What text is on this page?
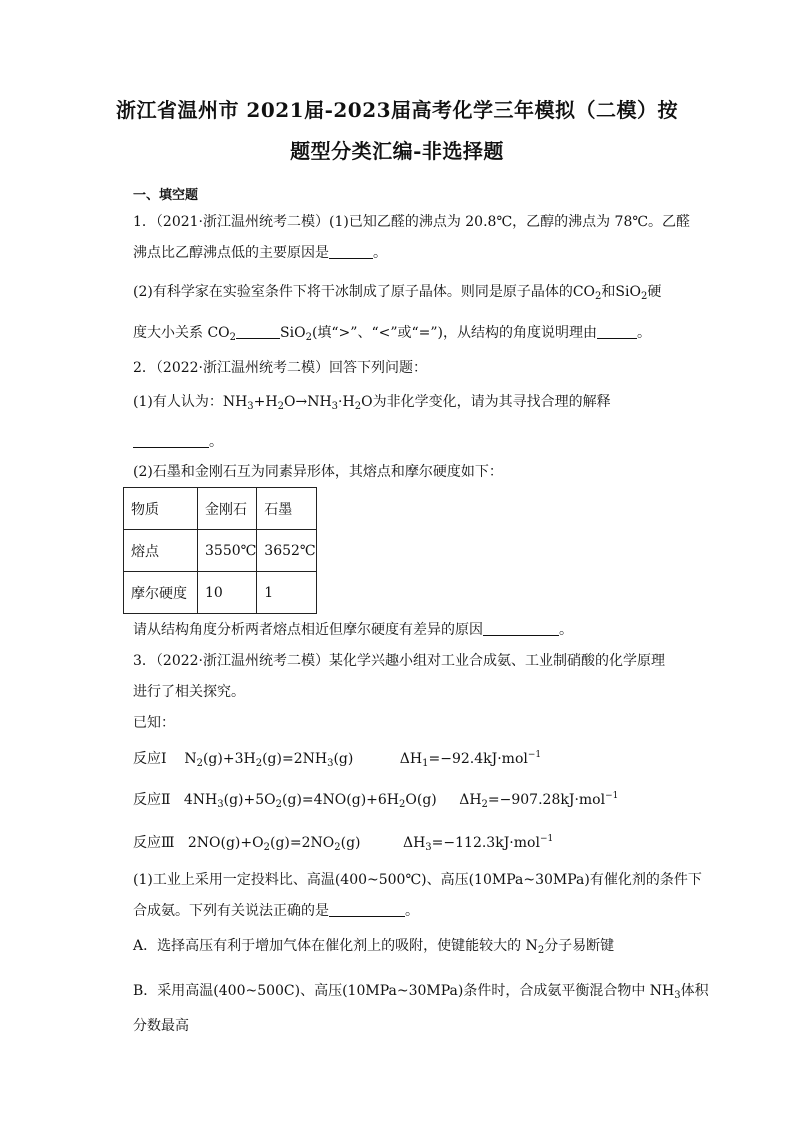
浙江省温州市 2021届-2023届高考化学三年模拟（二模）按
题型分类汇编-非选择题
一、填空题
1．（2021·浙江温州统考二模）(1)已知乙醛的沸点为 20.8℃，乙醇的沸点为 78℃。乙醛
沸点比乙醇沸点低的主要原因是	。
(2)有科学家在实验室条件下将干冰制成了原子晶体。则同是原子晶体的$CO_2$和SiO$_2$硬
度大小关系 $CO_2$	SiO$_2$(填“>”、“<”或“=”)，从结构的角度说明理由	。
2．（2022·浙江温州统考二模）回答下列问题：
(1)有人认为：$NH_3+H_2O\to NH_3\cdot H_2O$为非化学变化，请为其寻找合理的解释
。
(2)石墨和金刚石互为同素异形体，其熔点和摩尔硬度如下：
物质	金刚石	石墨
熔点	3550℃	3652℃
摩尔硬度	10	1
请从结构角度分析两者熔点相近但摩尔硬度有差异的原因	。
3．（2022·浙江温州统考二模）某化学兴趣小组对工业合成氨、工业制硝酸的化学原理
进行了相关探究。
已知：
反应Ⅰ $N_2(g)+3H_2(g)=2NH_3(g)$	$\Delta H_1=-92.4kJ\cdot mol^{-1}$
反应Ⅱ $4NH_3(g)+5O_2(g)=4NO(g)+6H_2O(g)$ $\Delta H_2=-907.28kJ\cdot mol^{-1}$
反应Ⅲ $2NO(g)+O_2(g)=2NO_2(g)$	$\Delta H_3=-112.3kJ\cdot mol^{-1}$
(1)工业上采用一定投料比、高温(400~500℃)、高压(10MPa~30MPa)有催化剂的条件下
合成氨。下列有关说法正确的是	。
A．选择高压有利于增加气体在催化剂上的吸附，使键能较大的 $N_2$分子易断键
B．采用高温(400~500C)、高压(10MPa~30MPa)条件时，合成氨平衡混合物中 $NH_3$体积
分数最高
